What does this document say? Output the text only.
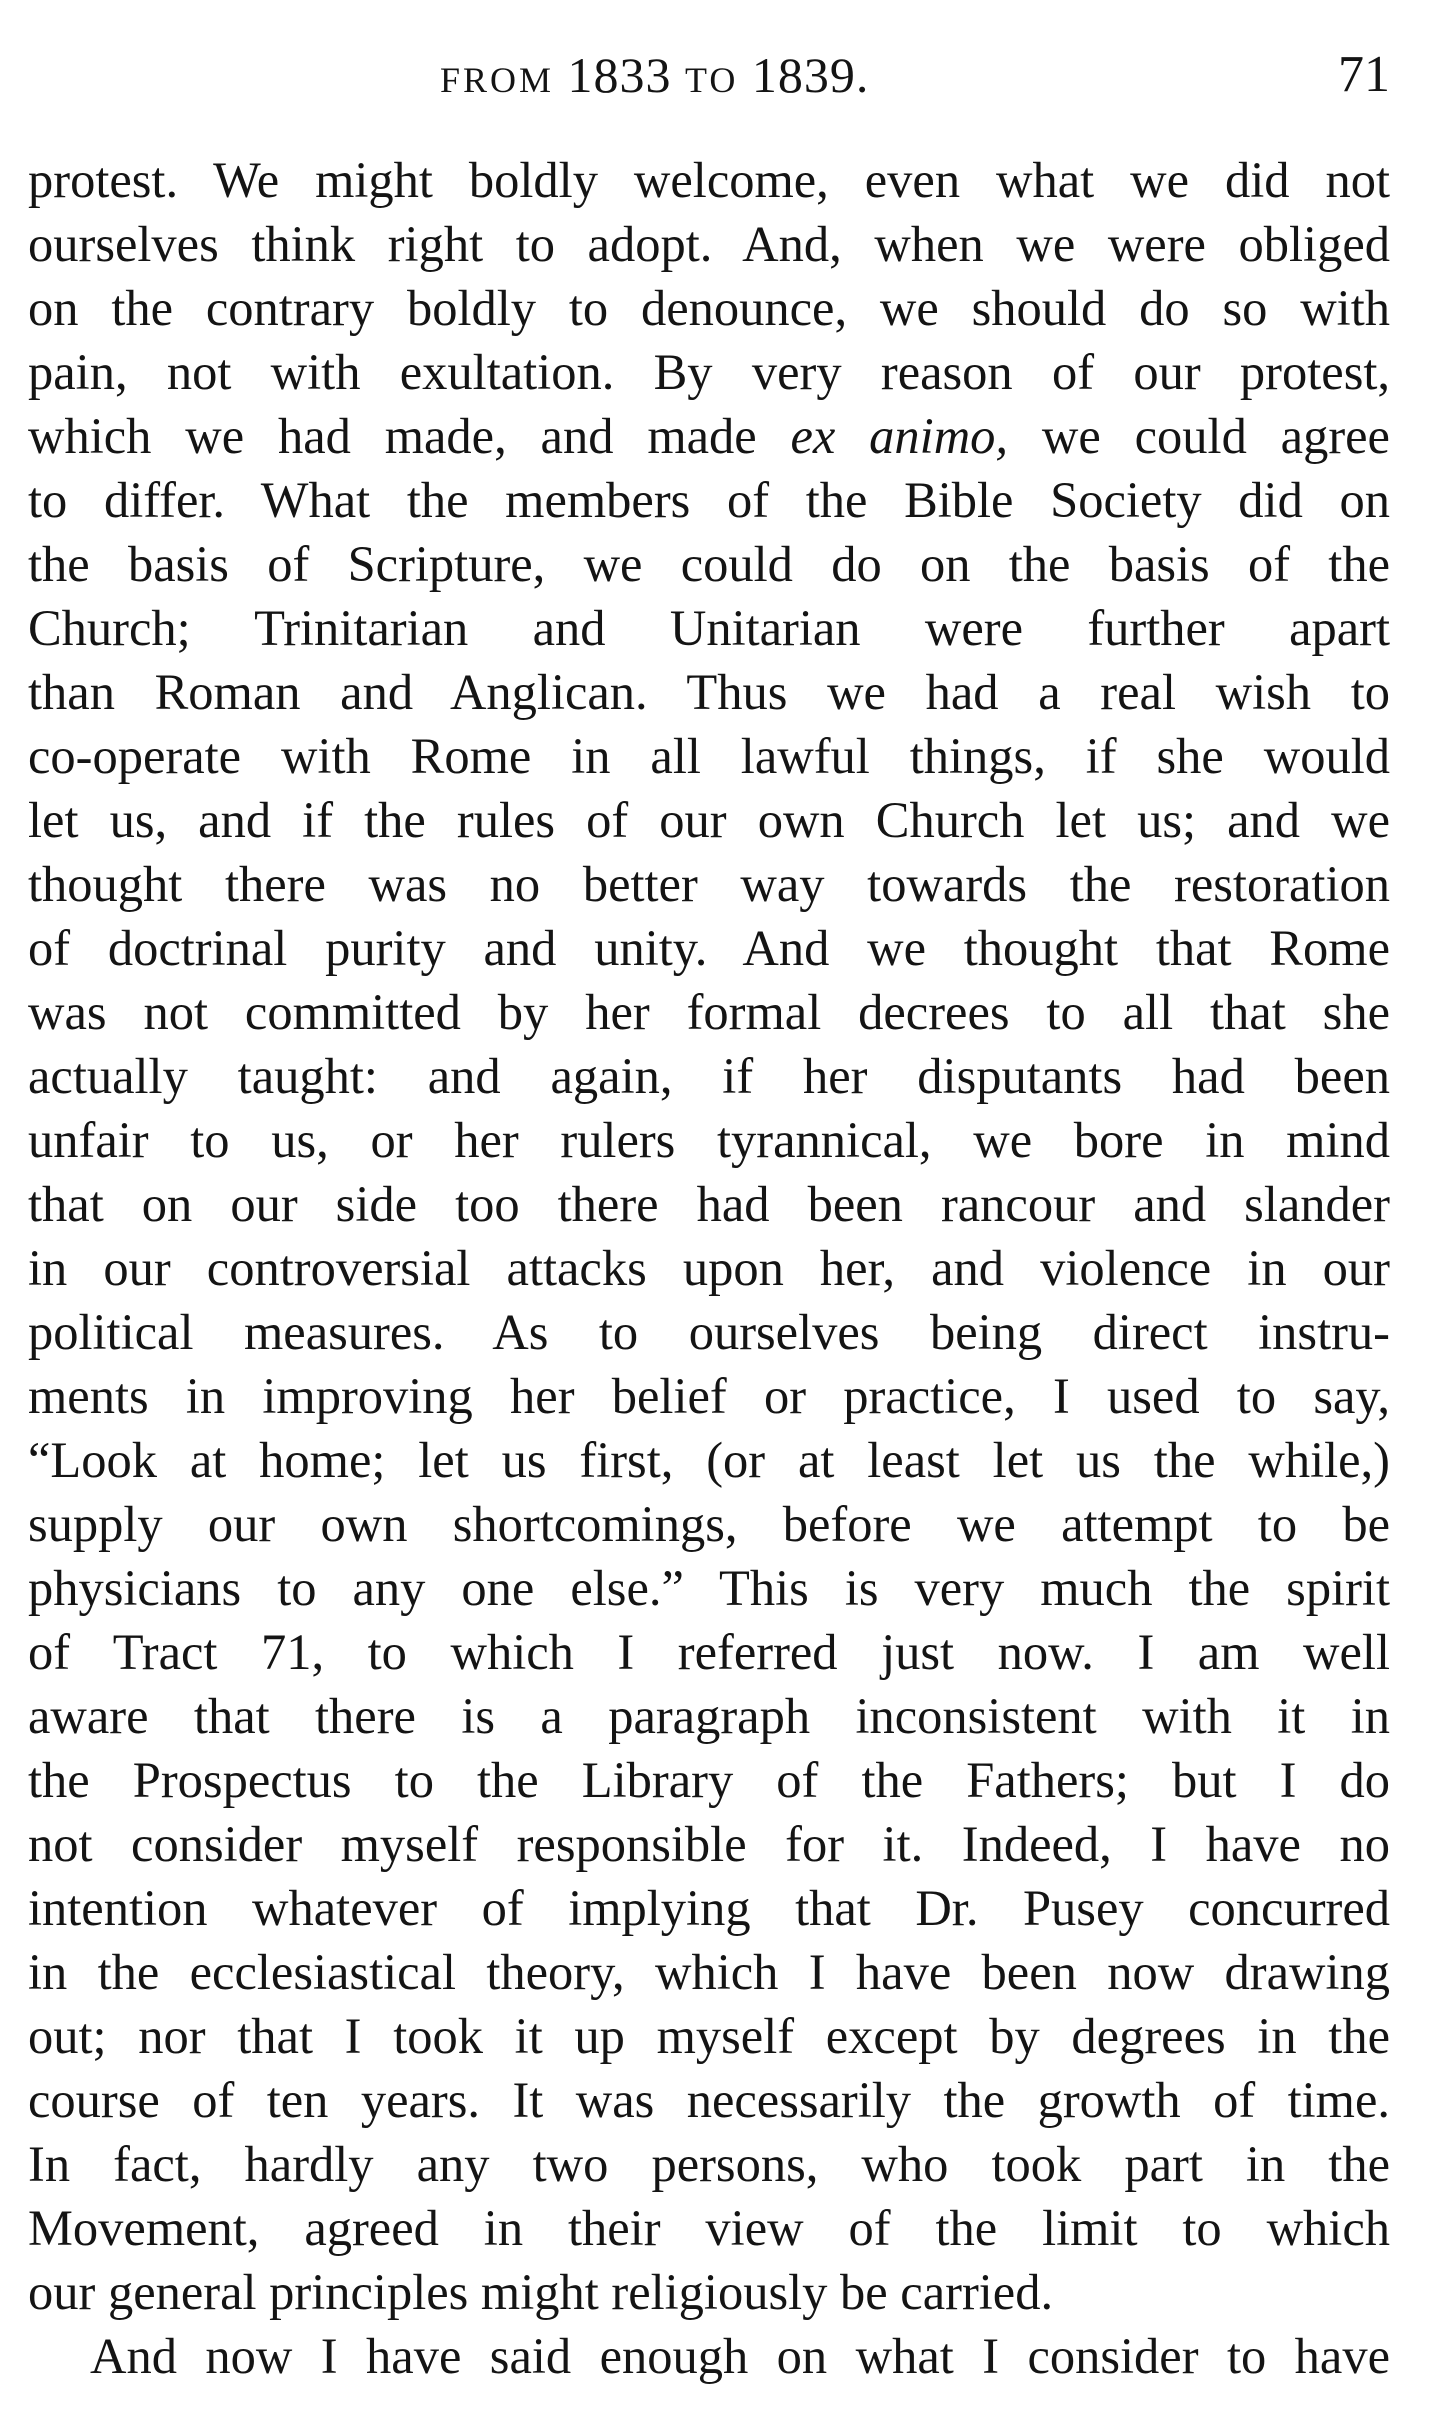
FROM 1833 TO 1839.	71
protest. We might boldly welcome, even what we did not
ourselves think right to adopt. And, when we were obliged
on the contrary boldly to denounce, we should do so with
pain, not with exultation. By very reason of our protest,
which we had made, and made ex animo, we could agree
to differ. What the members of the Bible Society did on
the basis of Scripture, we could do on the basis of the
Church; Trinitarian and Unitarian were further apart
than Roman and Anglican. Thus we had a real wish to
co-operate with Rome in all lawful things, if she would
let us, and if the rules of our own Church let us; and we
thought there was no better way towards the restoration
of doctrinal purity and unity. And we thought that Rome
was not committed by her formal decrees to all that she
actually taught: and again, if her disputants had been
unfair to us, or her rulers tyrannical, we bore in mind
that on our side too there had been rancour and slander
in our controversial attacks upon her, and violence in our
political measures. As to ourselves being direct instru-
ments in improving her belief or practice, I used to say,
“Look at home; let us first, (or at least let us the while,)
supply our own shortcomings, before we attempt to be
physicians to any one else.” This is very much the spirit
of Tract 71, to which I referred just now. I am well
aware that there is a paragraph inconsistent with it in
the Prospectus to the Library of the Fathers; but I do
not consider myself responsible for it. Indeed, I have no
intention whatever of implying that Dr. Pusey concurred
in the ecclesiastical theory, which I have been now drawing
out; nor that I took it up myself except by degrees in the
course of ten years. It was necessarily the growth of time.
In fact, hardly any two persons, who took part in the
Movement, agreed in their view of the limit to which
our general principles might religiously be carried.
And now I have said enough on what I consider to have
